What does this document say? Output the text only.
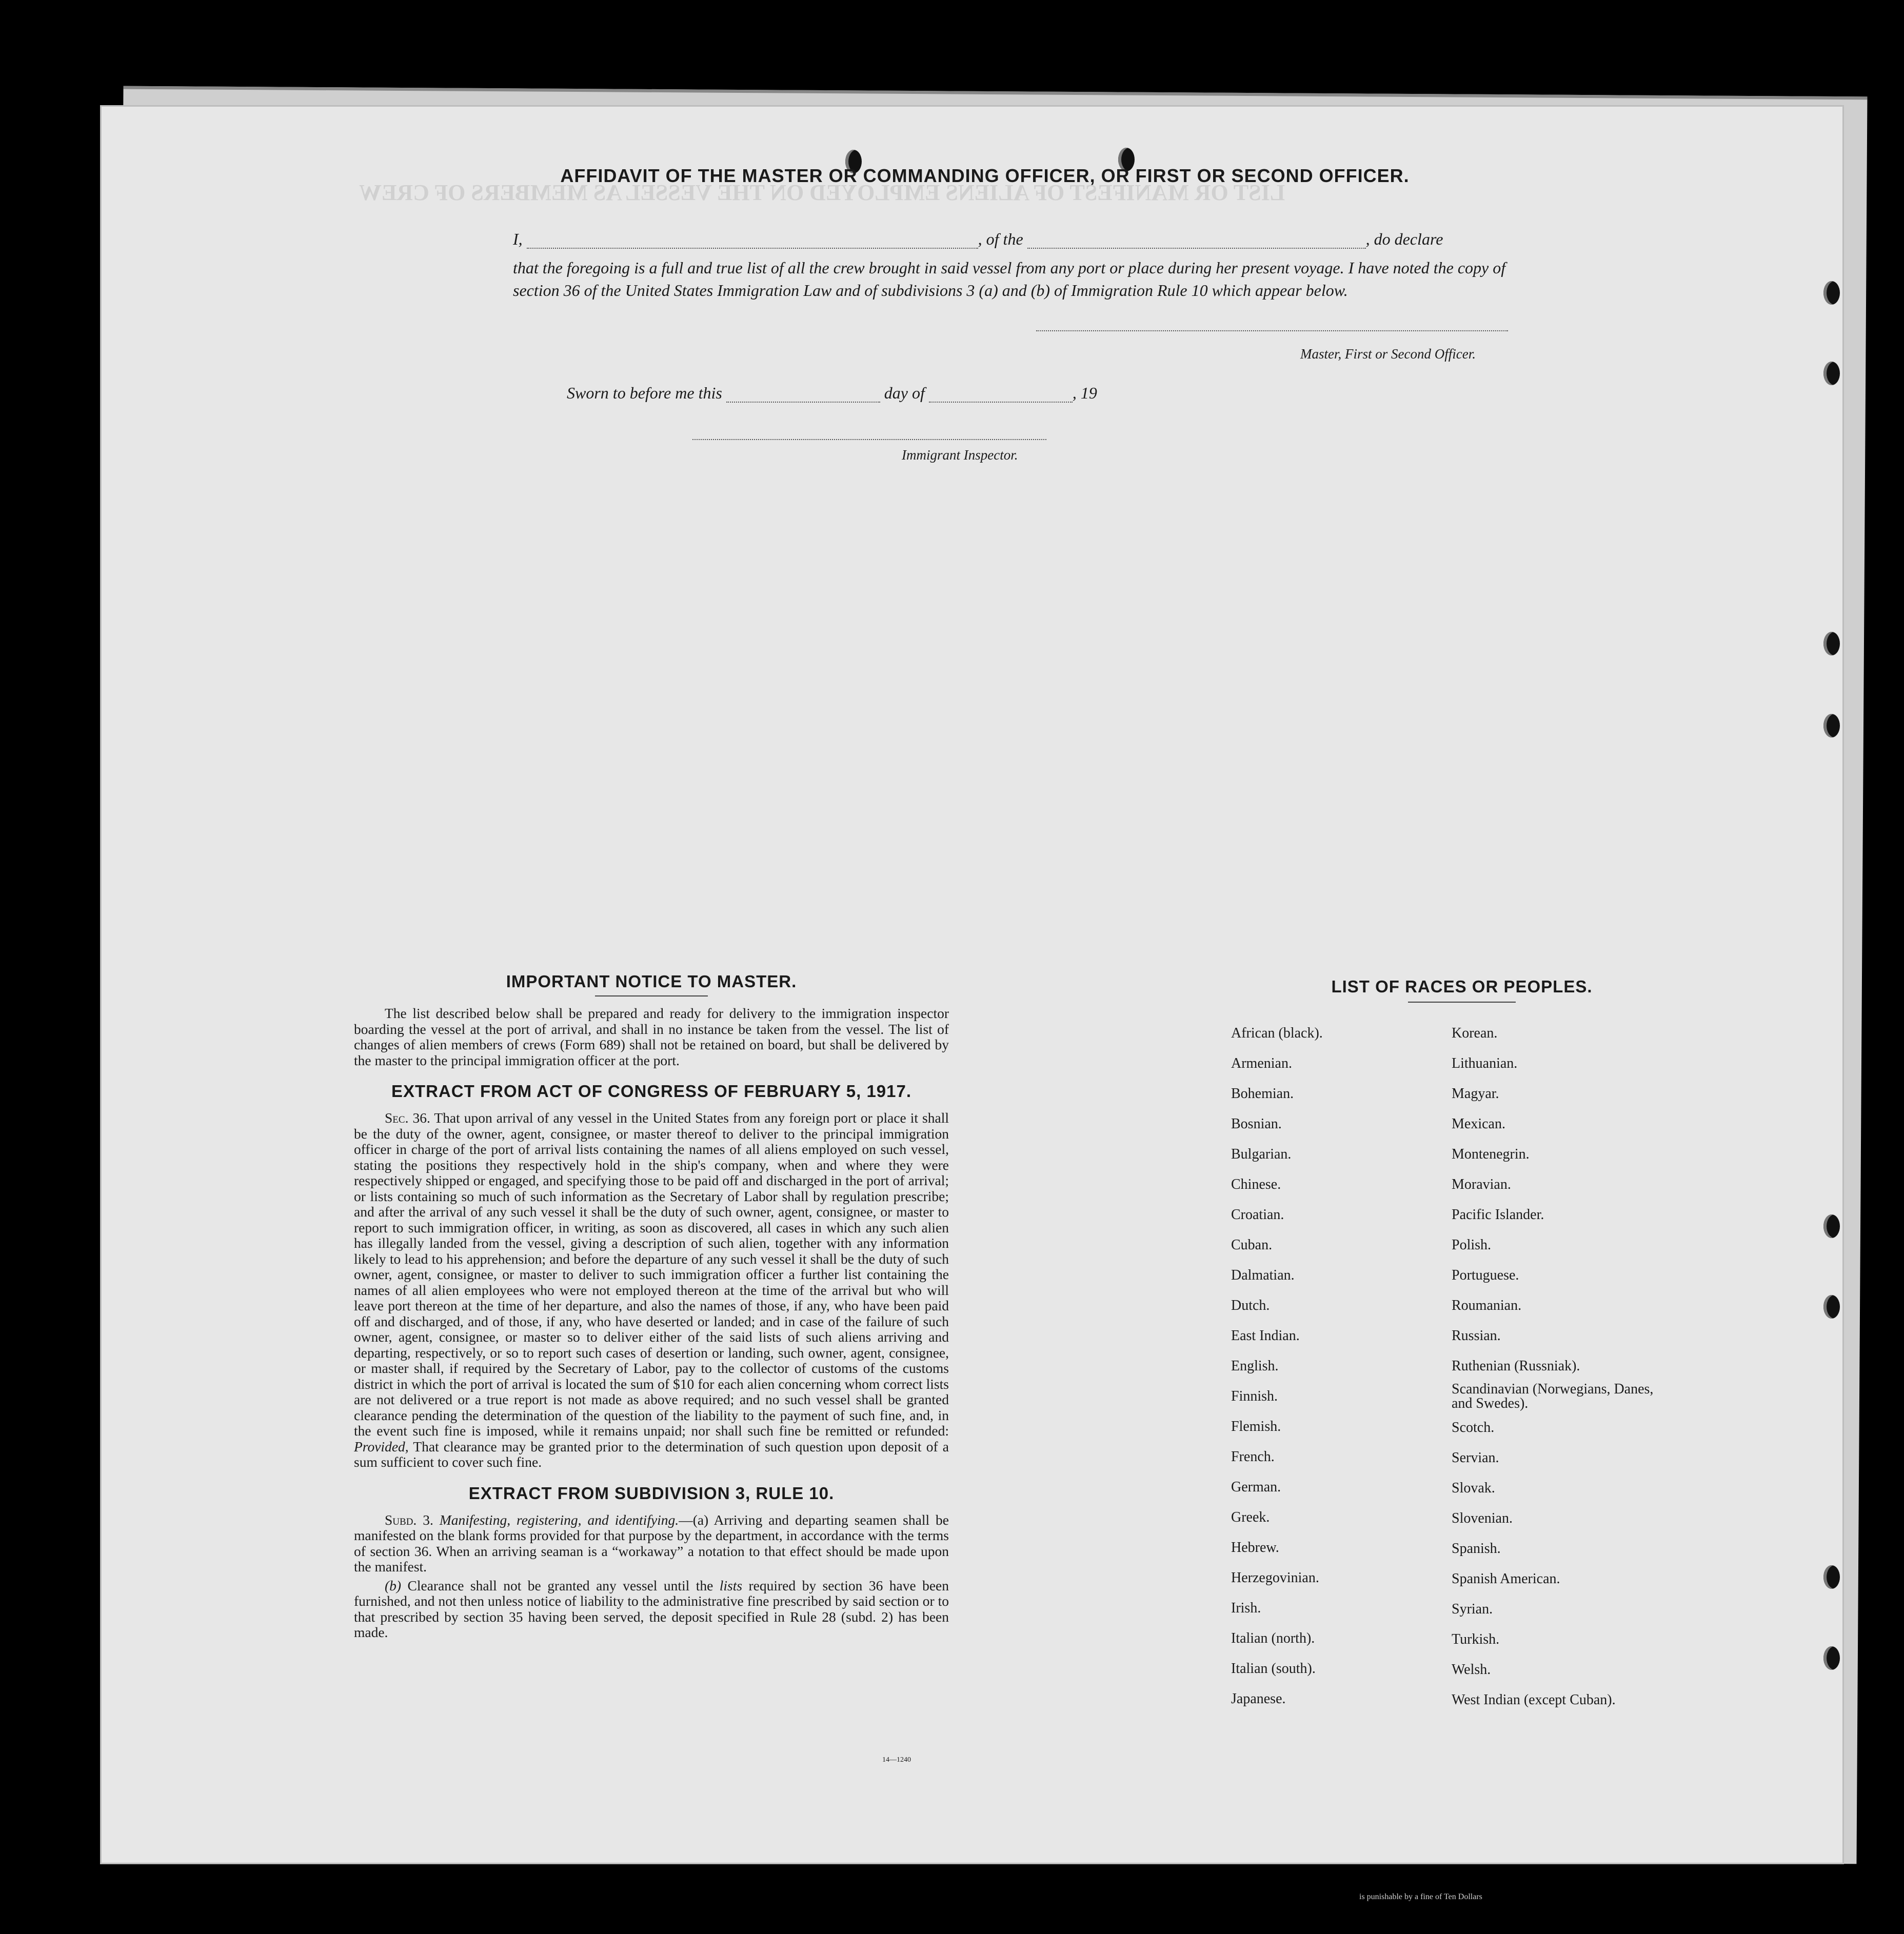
LIST OR MANIFEST OF ALIENS EMPLOYED ON THE VESSEL AS MEMBERS OF CREW
is punishable by a fine of Ten Dollars
AFFIDAVIT OF THE MASTER OR COMMANDING OFFICER, OR FIRST OR SECOND OFFICER.
I,	, of the	, do declare
that the foregoing is a full and true list of all the crew brought in said vessel from any port or place during her present voyage. I have noted the copy of section 36 of the United States Immigration Law and of subdivisions 3 (a) and (b) of Immigration Rule 10 which appear below.
Master, First or Second Officer.
Sworn to before me this	day of	, 19
Immigrant Inspector.
IMPORTANT NOTICE TO MASTER.

The list described below shall be prepared and ready for delivery to the immigration inspector boarding the vessel at the port of arrival, and shall in no instance be taken from the vessel. The list of changes of alien members of crews (Form 689) shall not be retained on board, but shall be delivered by the master to the principal immigration officer at the port.

EXTRACT FROM ACT OF CONGRESS OF FEBRUARY 5, 1917.

Sec. 36. That upon arrival of any vessel in the United States from any foreign port or place it shall be the duty of the owner, agent, consignee, or master thereof to deliver to the principal immigration officer in charge of the port of arrival lists containing the names of all aliens employed on such vessel, stating the positions they respectively hold in the ship's company, when and where they were respectively shipped or engaged, and specifying those to be paid off and discharged in the port of arrival; or lists containing so much of such information as the Secretary of Labor shall by regulation prescribe; and after the arrival of any such vessel it shall be the duty of such owner, agent, consignee, or master to report to such immigration officer, in writing, as soon as discovered, all cases in which any such alien has illegally landed from the vessel, giving a description of such alien, together with any information likely to lead to his apprehension; and before the departure of any such vessel it shall be the duty of such owner, agent, consignee, or master to deliver to such immigration officer a further list containing the names of all alien employees who were not employed thereon at the time of the arrival but who will leave port thereon at the time of her departure, and also the names of those, if any, who have been paid off and discharged, and of those, if any, who have deserted or landed; and in case of the failure of such owner, agent, consignee, or master so to deliver either of the said lists of such aliens arriving and departing, respectively, or so to report such cases of desertion or landing, such owner, agent, consignee, or master shall, if required by the Secretary of Labor, pay to the collector of customs of the customs district in which the port of arrival is located the sum of $10 for each alien concerning whom correct lists are not delivered or a true report is not made as above required; and no such vessel shall be granted clearance pending the determination of the question of the liability to the payment of such fine, and, in the event such fine is imposed, while it remains unpaid; nor shall such fine be remitted or refunded: Provided, That clearance may be granted prior to the determination of such question upon deposit of a sum sufficient to cover such fine.

EXTRACT FROM SUBDIVISION 3, RULE 10.

Subd. 3. Manifesting, registering, and identifying.—(a) Arriving and departing seamen shall be manifested on the blank forms provided for that purpose by the department, in accordance with the terms of section 36. When an arriving seaman is a “workaway” a notation to that effect should be made upon the manifest.

(b) Clearance shall not be granted any vessel until the lists required by section 36 have been furnished, and not then unless notice of liability to the administrative fine prescribed by said section or to that prescribed by section 35 having been served, the deposit specified in Rule 28 (subd. 2) has been made.

14—1240
LIST OF RACES OR PEOPLES.
African (black).
Armenian.
Bohemian.
Bosnian.
Bulgarian.
Chinese.
Croatian.
Cuban.
Dalmatian.
Dutch.
East Indian.
English.
Finnish.
Flemish.
French.
German.
Greek.
Hebrew.
Herzegovinian.
Irish.
Italian (north).
Italian (south).
Japanese.
Korean.
Lithuanian.
Magyar.
Mexican.
Montenegrin.
Moravian.
Pacific Islander.
Polish.
Portuguese.
Roumanian.
Russian.
Ruthenian (Russniak).
Scandinavian (Norwegians, Danes, and Swedes).
Scotch.
Servian.
Slovak.
Slovenian.
Spanish.
Spanish American.
Syrian.
Turkish.
Welsh.
West Indian (except Cuban).
